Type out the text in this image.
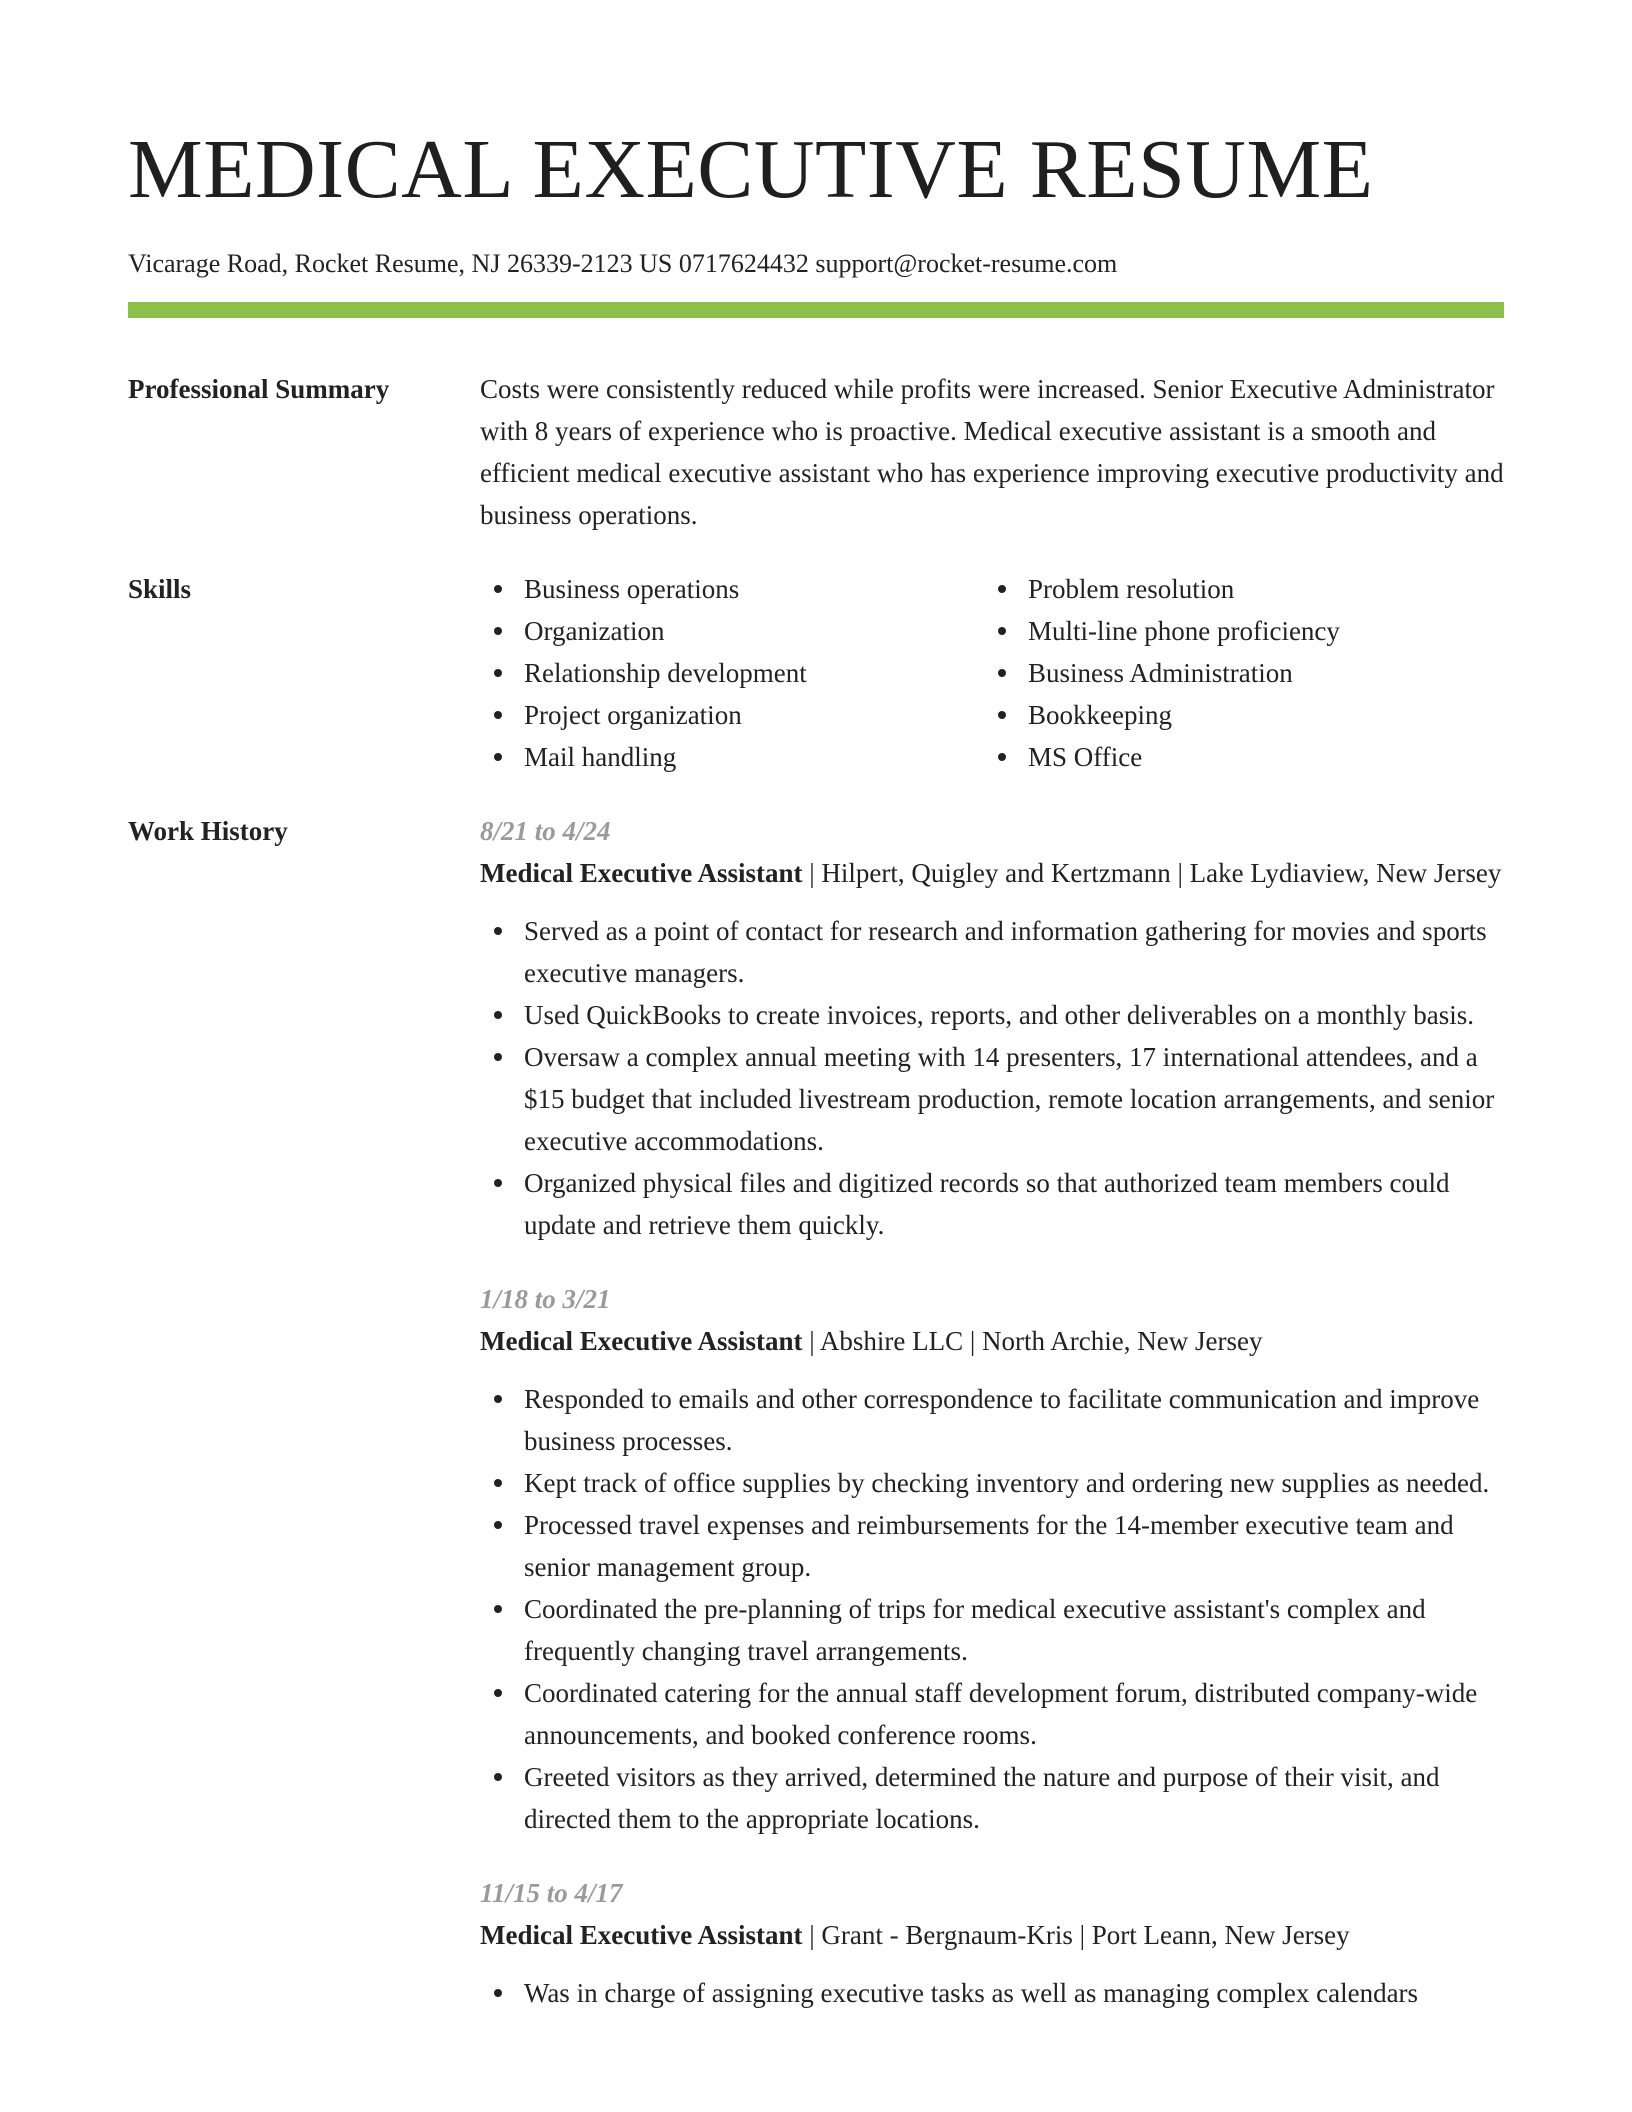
MEDICAL EXECUTIVE RESUME
Vicarage Road, Rocket Resume, NJ 26339-2123 US 0717624432 support@rocket-resume.com
Professional Summary	Costs were consistently reduced while profits were increased. Senior Executive Administrator with 8 years of experience who is proactive. Medical executive assistant is a smooth and efficient medical executive assistant who has experience improving executive productivity and business operations.
Skills	Business operations
Organization
Relationship development
Project organization
Mail handling
Problem resolution
Multi-line phone proficiency
Business Administration
Bookkeeping
MS Office
Work History	8/21 to 4/24
Medical Executive Assistant | Hilpert, Quigley and Kertzmann | Lake Lydiaview, New Jersey
Served as a point of contact for research and information gathering for movies and sports executive managers.
Used QuickBooks to create invoices, reports, and other deliverables on a monthly basis.
Oversaw a complex annual meeting with 14 presenters, 17 international attendees, and a $15 budget that included livestream production, remote location arrangements, and senior executive accommodations.
Organized physical files and digitized records so that authorized team members could update and retrieve them quickly.
1/18 to 3/21
Medical Executive Assistant | Abshire LLC | North Archie, New Jersey
Responded to emails and other correspondence to facilitate communication and improve business processes.
Kept track of office supplies by checking inventory and ordering new supplies as needed.
Processed travel expenses and reimbursements for the 14-member executive team and senior management group.
Coordinated the pre-planning of trips for medical executive assistant's complex and frequently changing travel arrangements.
Coordinated catering for the annual staff development forum, distributed company-wide announcements, and booked conference rooms.
Greeted visitors as they arrived, determined the nature and purpose of their visit, and directed them to the appropriate locations.
11/15 to 4/17
Medical Executive Assistant | Grant - Bergnaum-Kris | Port Leann, New Jersey
Was in charge of assigning executive tasks as well as managing complex calendars
